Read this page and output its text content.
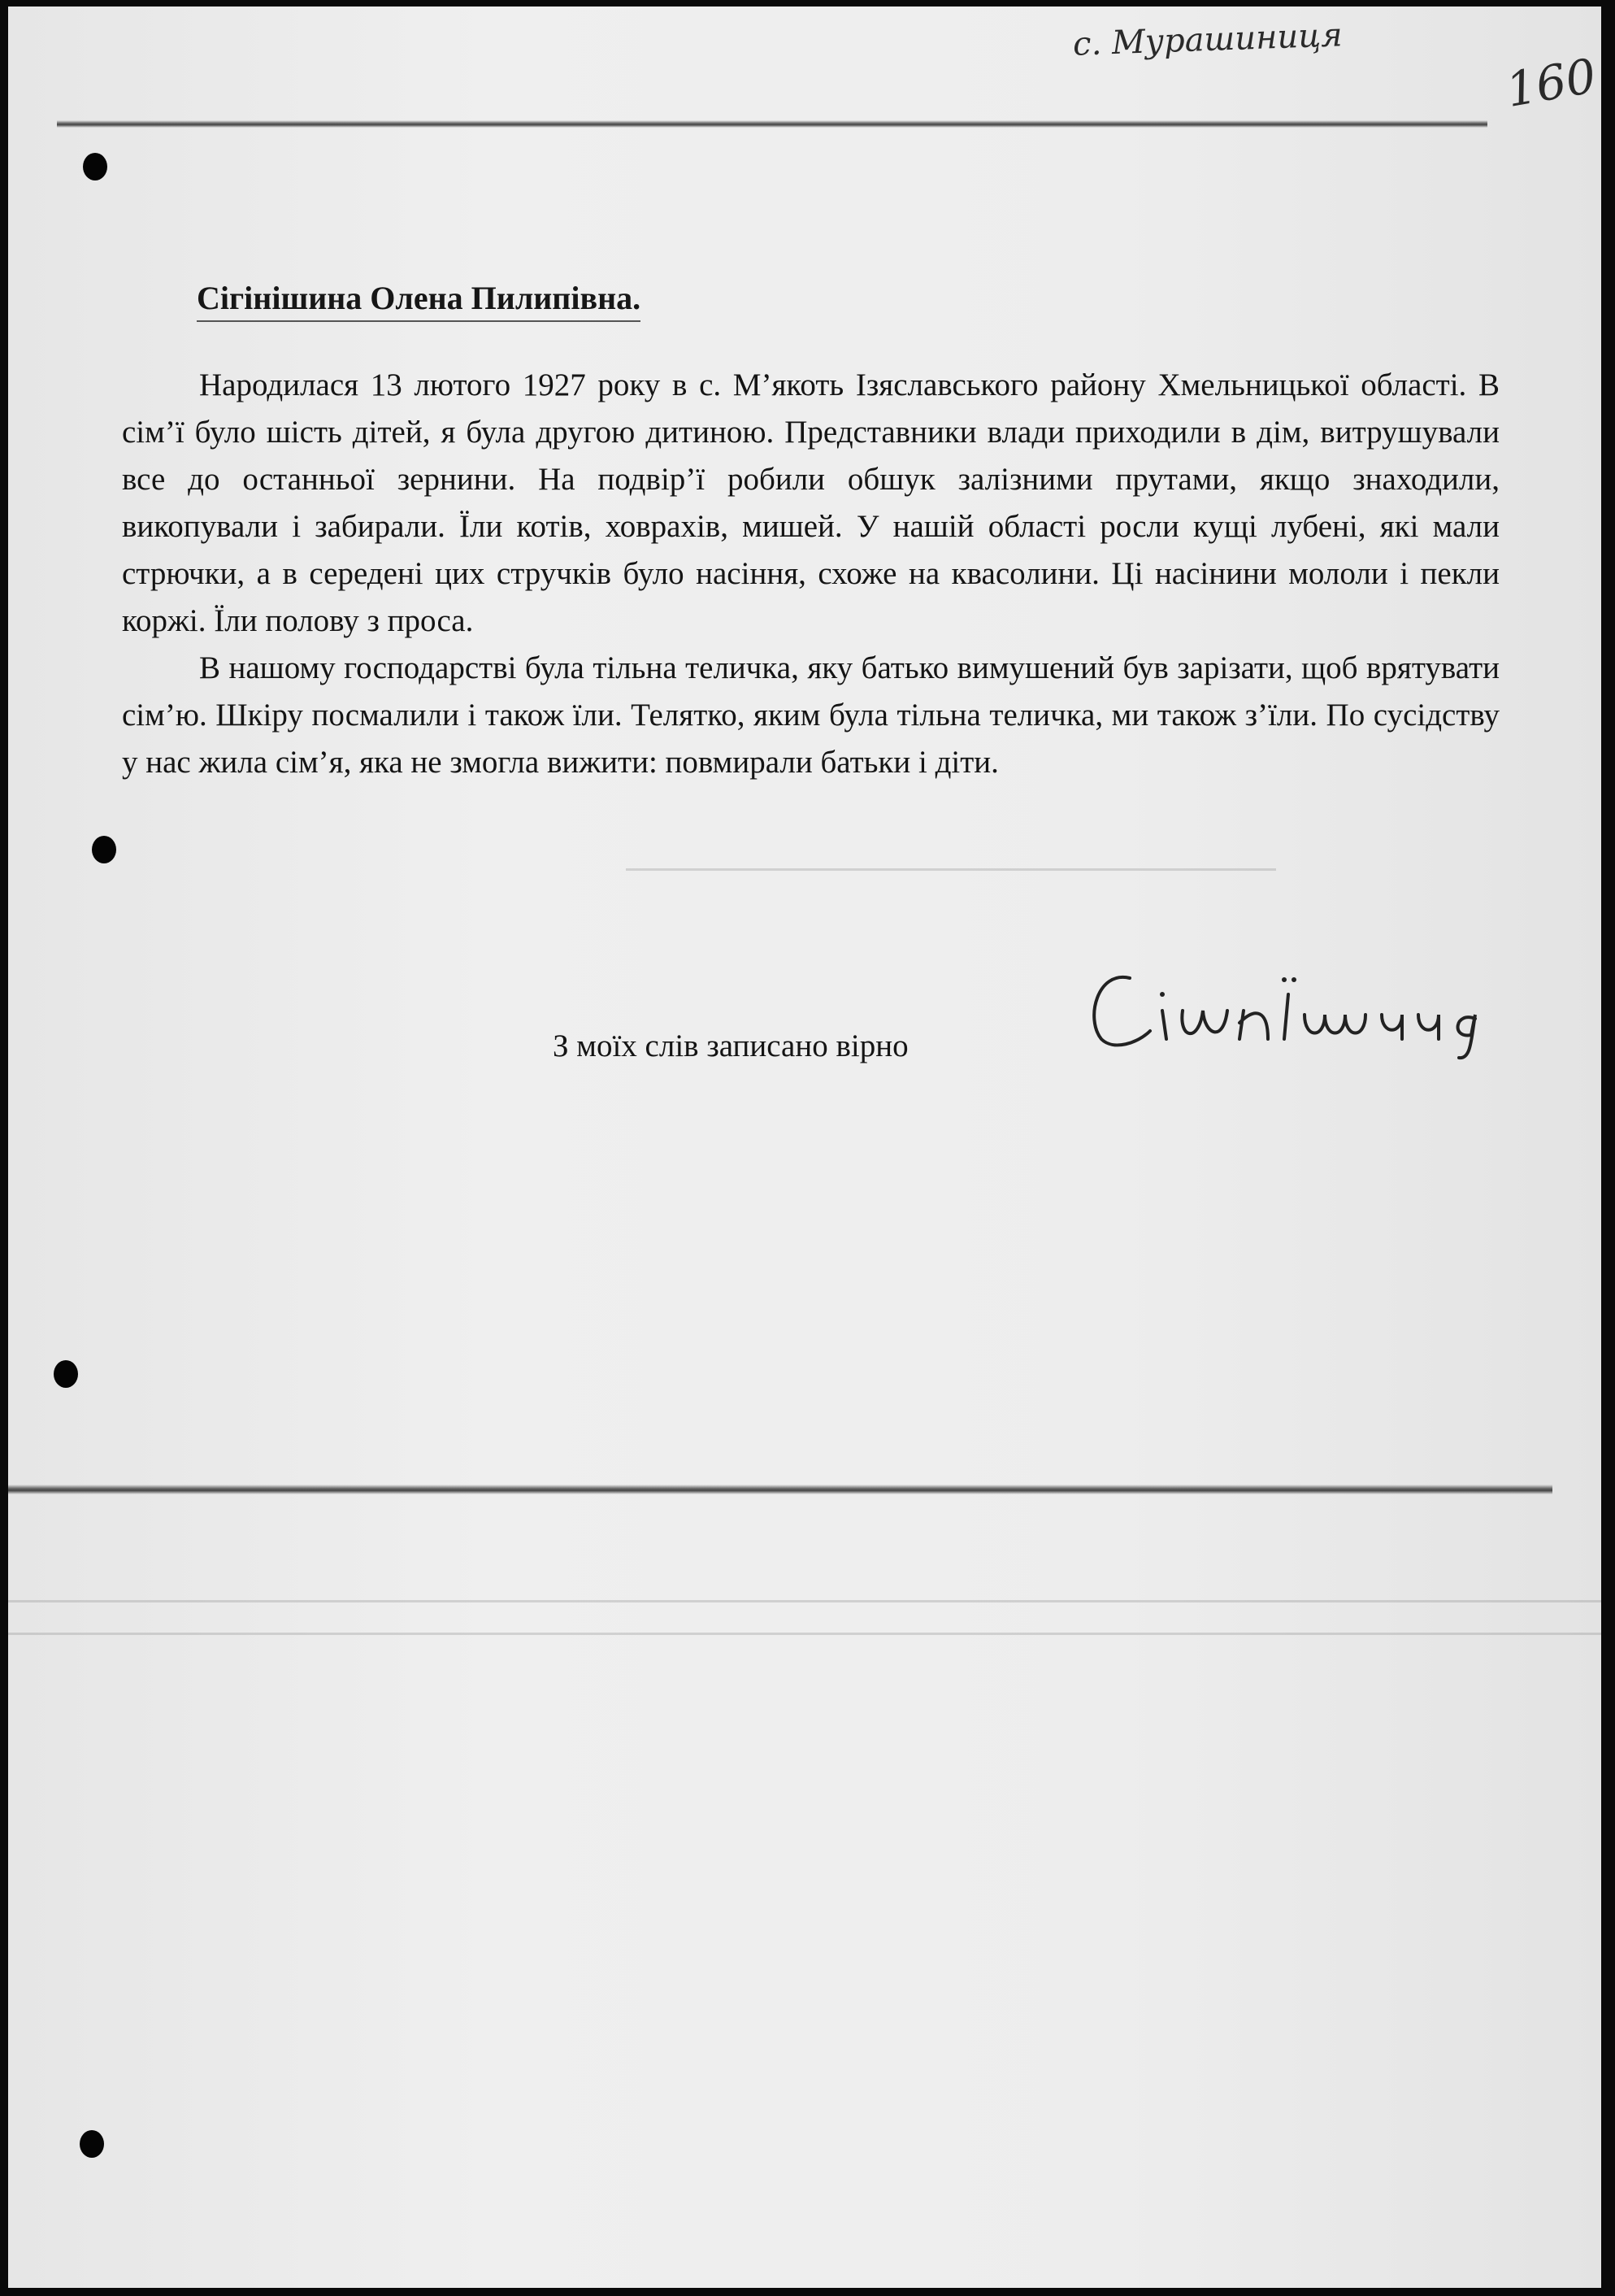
с. Мурашиниця
160
Сігінішина Олена Пилипівна.

Народилася 13 лютого 1927 року в с. М’якоть Ізяславського району Хмельницької області. В сім’ї було шість дітей, я була другою дитиною. Представники влади приходили в дім, витрушували все до останньої зернини. На подвір’ї робили обшук залізними прутами, якщо знаходили, викопували і забирали. Їли котів, ховрахів, мишей. У нашій області росли кущі лубені, які мали стрючки, а в середені цих стручків було насіння, схоже на квасолини. Ці насінини мололи і пекли коржі. Їли полову з проса.

В нашому господарстві була тільна теличка, яку батько вимушений був зарізати, щоб врятувати сім’ю. Шкіру посмалили і також їли. Телятко, яким була тільна теличка, ми також з’їли. По сусідству у нас жила сім’я, яка не змогла вижити: повмирали батьки і діти.

З моїх слів записано вірно
